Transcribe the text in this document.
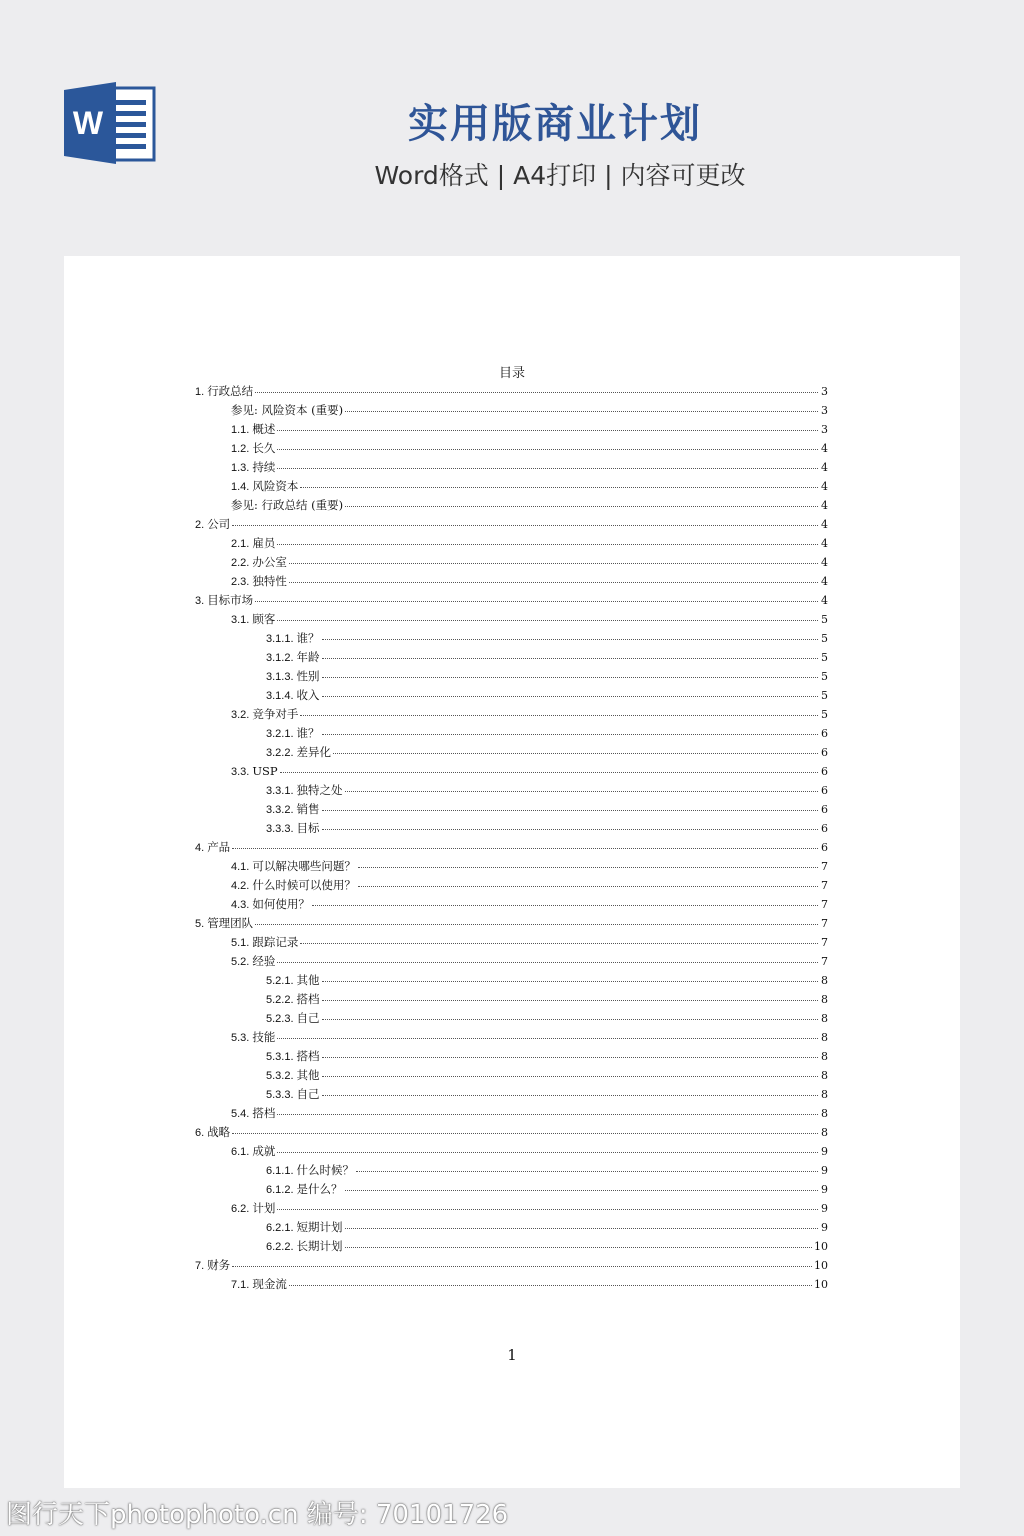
W	实用版商业计划
Word格式 | A4打印 | 内容可更改
目录
1. 行政总结	3
参见: 风险资本 (重要)	3
1.1. 概述	3
1.2. 长久	4
1.3. 持续	4
1.4. 风险资本	4
参见: 行政总结 (重要)	4
2. 公司	4
2.1. 雇员	4
2.2. 办公室	4
2.3. 独特性	4
3. 目标市场	4
3.1. 顾客	5
3.1.1. 谁？	5
3.1.2. 年龄	5
3.1.3. 性别	5
3.1.4. 收入	5
3.2. 竞争对手	5
3.2.1. 谁？	6
3.2.2. 差异化	6
3.3. USP	6
3.3.1. 独特之处	6
3.3.2. 销售	6
3.3.3. 目标	6
4. 产品	6
4.1. 可以解决哪些问题？	7
4.2. 什么时候可以使用？	7
4.3. 如何使用？	7
5. 管理团队	7
5.1. 跟踪记录	7
5.2. 经验	7
5.2.1. 其他	8
5.2.2. 搭档	8
5.2.3. 自己	8
5.3. 技能	8
5.3.1. 搭档	8
5.3.2. 其他	8
5.3.3. 自己	8
5.4. 搭档	8
6. 战略	8
6.1. 成就	9
6.1.1. 什么时候？	9
6.1.2. 是什么？	9
6.2. 计划	9
6.2.1. 短期计划	9
6.2.2. 长期计划	10
7. 财务	10
7.1. 现金流	10
1
图行天下photophoto.cn 编号: 70101726
